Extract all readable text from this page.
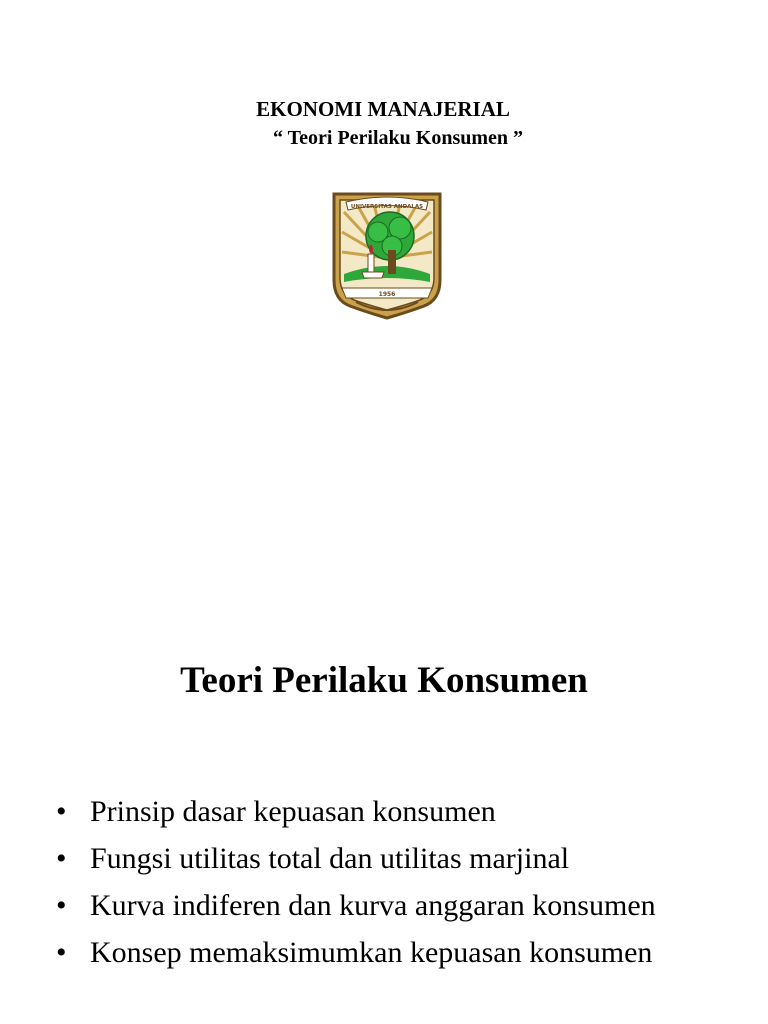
EKONOMI MANAJERIAL
“ Teori Perilaku Konsumen ”
UNIVERSITAS ANDALAS
1956
Teori Perilaku Konsumen
• Prinsip dasar kepuasan konsumen
• Fungsi utilitas total dan utilitas marjinal
• Kurva indiferen dan kurva anggaran konsumen
• Konsep memaksimumkan kepuasan konsumen
